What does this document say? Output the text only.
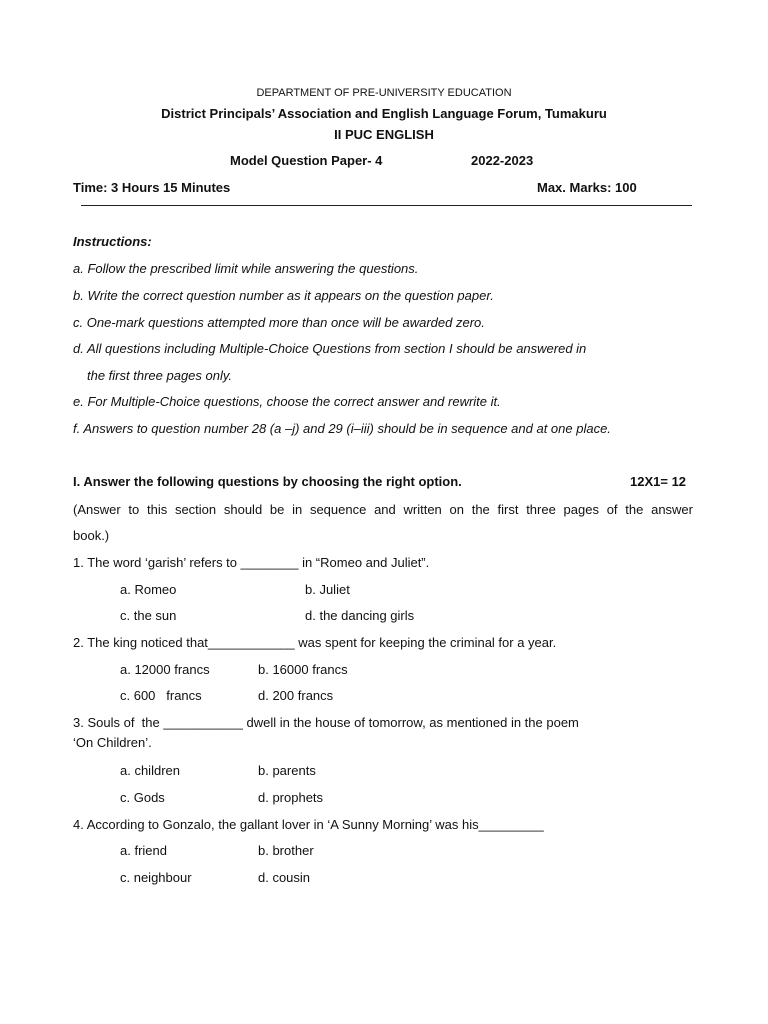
DEPARTMENT OF PRE-UNIVERSITY EDUCATION
District Principals’ Association and English Language Forum, Tumakuru
II PUC ENGLISH
Model Question Paper- 4	2022-2023
Time: 3 Hours 15 Minutes	Max. Marks: 100
Instructions:
a. Follow the prescribed limit while answering the questions.
b. Write the correct question number as it appears on the question paper.
c. One-mark questions attempted more than once will be awarded zero.
d. All questions including Multiple-Choice Questions from section I should be answered in
the first three pages only.
e. For Multiple-Choice questions, choose the correct answer and rewrite it.
f. Answers to question number 28 (a –j) and 29 (i–iii) should be in sequence and at one place.
I. Answer the following questions by choosing the right option.	12X1= 12
(Answer to this section should be in sequence and written on the first three pages of the answer
book.)
1. The word ‘garish’ refers to ________ in “Romeo and Juliet”.
a. Romeo	b. Juliet
c. the sun	d. the dancing girls
2. The king noticed that____________ was spent for keeping the criminal for a year.
a. 12000 francs	b. 16000 francs
c. 600   francs	d. 200 francs
3. Souls of  the ___________ dwell in the house of tomorrow, as mentioned in the poem
‘On Children’.
a. children	b. parents
c. Gods	d. prophets
4. According to Gonzalo, the gallant lover in ‘A Sunny Morning’ was his_________
a. friend	b. brother
c. neighbour	d. cousin
